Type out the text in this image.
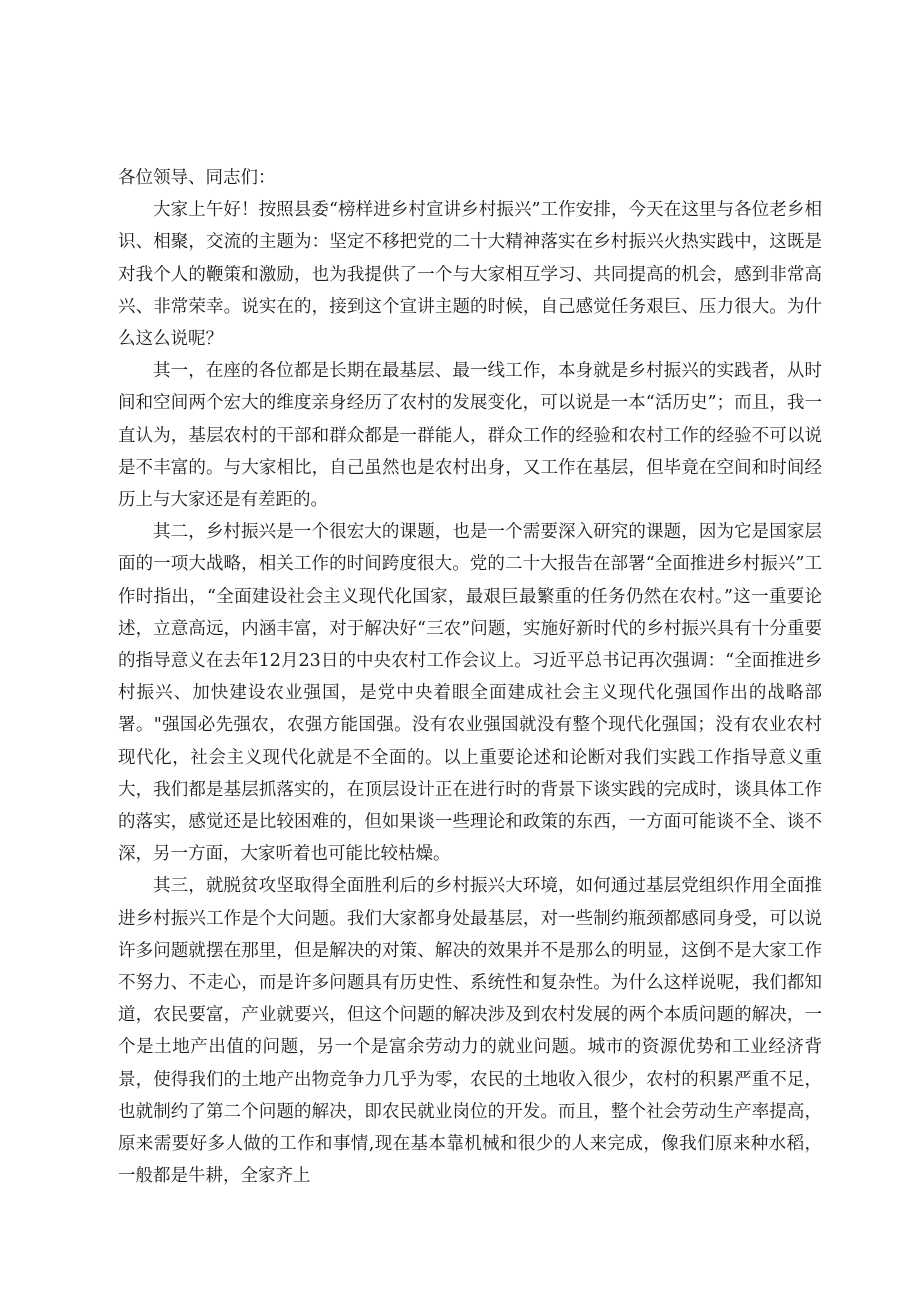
各位领导、同志们：

大家上午好！按照县委“榜样进乡村宣讲乡村振兴”工作安排，今天在这里与各位老乡相识、相聚，交流的主题为：坚定不移把党的二十大精神落实在乡村振兴火热实践中，这既是对我个人的鞭策和激励，也为我提供了一个与大家相互学习、共同提高的机会，感到非常高兴、非常荣幸。说实在的，接到这个宣讲主题的时候，自己感觉任务艰巨、压力很大。为什么这么说呢？

其一，在座的各位都是长期在最基层、最一线工作，本身就是乡村振兴的实践者，从时间和空间两个宏大的维度亲身经历了农村的发展变化，可以说是一本“活历史”；而且，我一直认为，基层农村的干部和群众都是一群能人，群众工作的经验和农村工作的经验不可以说是不丰富的。与大家相比，自己虽然也是农村出身，又工作在基层，但毕竟在空间和时间经历上与大家还是有差距的。

其二，乡村振兴是一个很宏大的课题，也是一个需要深入研究的课题，因为它是国家层面的一项大战略，相关工作的时间跨度很大。党的二十大报告在部署“全面推进乡村振兴”工作时指出，“全面建设社会主义现代化国家，最艰巨最繁重的任务仍然在农村。”这一重要论述，立意高远，内涵丰富，对于解决好“三农”问题，实施好新时代的乡村振兴具有十分重要的指导意义在去年12月23日的中央农村工作会议上。习近平总书记再次强调：“全面推进乡村振兴、加快建设农业强国，是党中央着眼全面建成社会主义现代化强国作出的战略部署。"强国必先强农，农强方能国强。没有农业强国就没有整个现代化强国；没有农业农村现代化，社会主义现代化就是不全面的。以上重要论述和论断对我们实践工作指导意义重大，我们都是基层抓落实的，在顶层设计正在进行时的背景下谈实践的完成时，谈具体工作的落实，感觉还是比较困难的，但如果谈一些理论和政策的东西，一方面可能谈不全、谈不深，另一方面，大家听着也可能比较枯燥。

其三，就脱贫攻坚取得全面胜利后的乡村振兴大环境，如何通过基层党组织作用全面推进乡村振兴工作是个大问题。我们大家都身处最基层，对一些制约瓶颈都感同身受，可以说许多问题就摆在那里，但是解决的对策、解决的效果并不是那么的明显，这倒不是大家工作不努力、不走心，而是许多问题具有历史性、系统性和复杂性。为什么这样说呢，我们都知道，农民要富，产业就要兴，但这个问题的解决涉及到农村发展的两个本质问题的解决，一个是土地产出值的问题，另一个是富余劳动力的就业问题。城市的资源优势和工业经济背景，使得我们的土地产出物竞争力几乎为零，农民的土地收入很少，农村的积累严重不足，也就制约了第二个问题的解决，即农民就业岗位的开发。而且，整个社会劳动生产率提高，原来需要好多人做的工作和事情,现在基本靠机械和很少的人来完成，像我们原来种水稻，一般都是牛耕，全家齐上
